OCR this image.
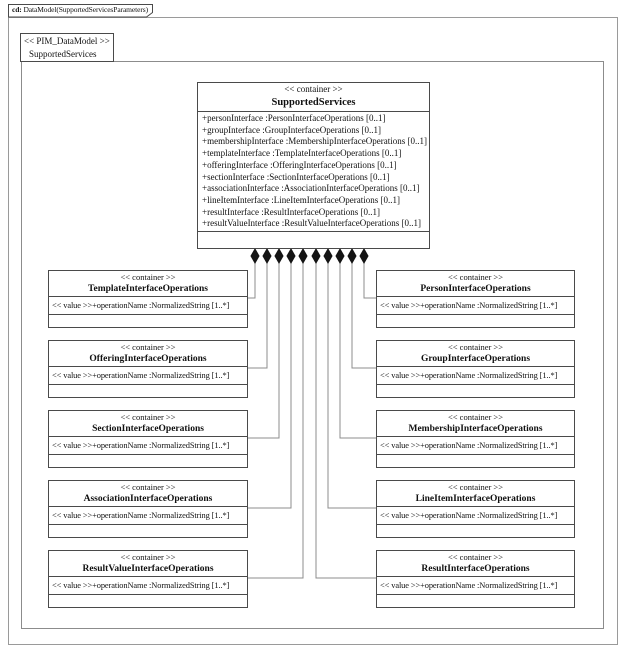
cd: DataModel(SupportedServicesParameters)
<< PIM_DataModel >>
SupportedServices
<< container >>
SupportedServices
+personInterface :PersonInterfaceOperations [0..1]
+groupInterface :GroupInterfaceOperations [0..1]
+membershipInterface :MembershipInterfaceOperations [0..1]
+templateInterface :TemplateInterfaceOperations [0..1]
+offeringInterface :OfferingInterfaceOperations [0..1]
+sectionInterface :SectionInterfaceOperations [0..1]
+associationInterface :AssociationInterfaceOperations [0..1]
+lineItemInterface :LineItemInterfaceOperations [0..1]
+resultInterface :ResultInterfaceOperations [0..1]
+resultValueInterface :ResultValueInterfaceOperations [0..1]
<< container >>
TemplateInterfaceOperations
<< value >>+operationName :NormalizedString [1..*]
<< container >>
OfferingInterfaceOperations
<< value >>+operationName :NormalizedString [1..*]
<< container >>
SectionInterfaceOperations
<< value >>+operationName :NormalizedString [1..*]
<< container >>
AssociationInterfaceOperations
<< value >>+operationName :NormalizedString [1..*]
<< container >>
ResultValueInterfaceOperations
<< value >>+operationName :NormalizedString [1..*]
<< container >>
PersonInterfaceOperations
<< value >>+operationName :NormalizedString [1..*]
<< container >>
GroupInterfaceOperations
<< value >>+operationName :NormalizedString [1..*]
<< container >>
MembershipInterfaceOperations
<< value >>+operationName :NormalizedString [1..*]
<< container >>
LineItemInterfaceOperations
<< value >>+operationName :NormalizedString [1..*]
<< container >>
ResultInterfaceOperations
<< value >>+operationName :NormalizedString [1..*]
